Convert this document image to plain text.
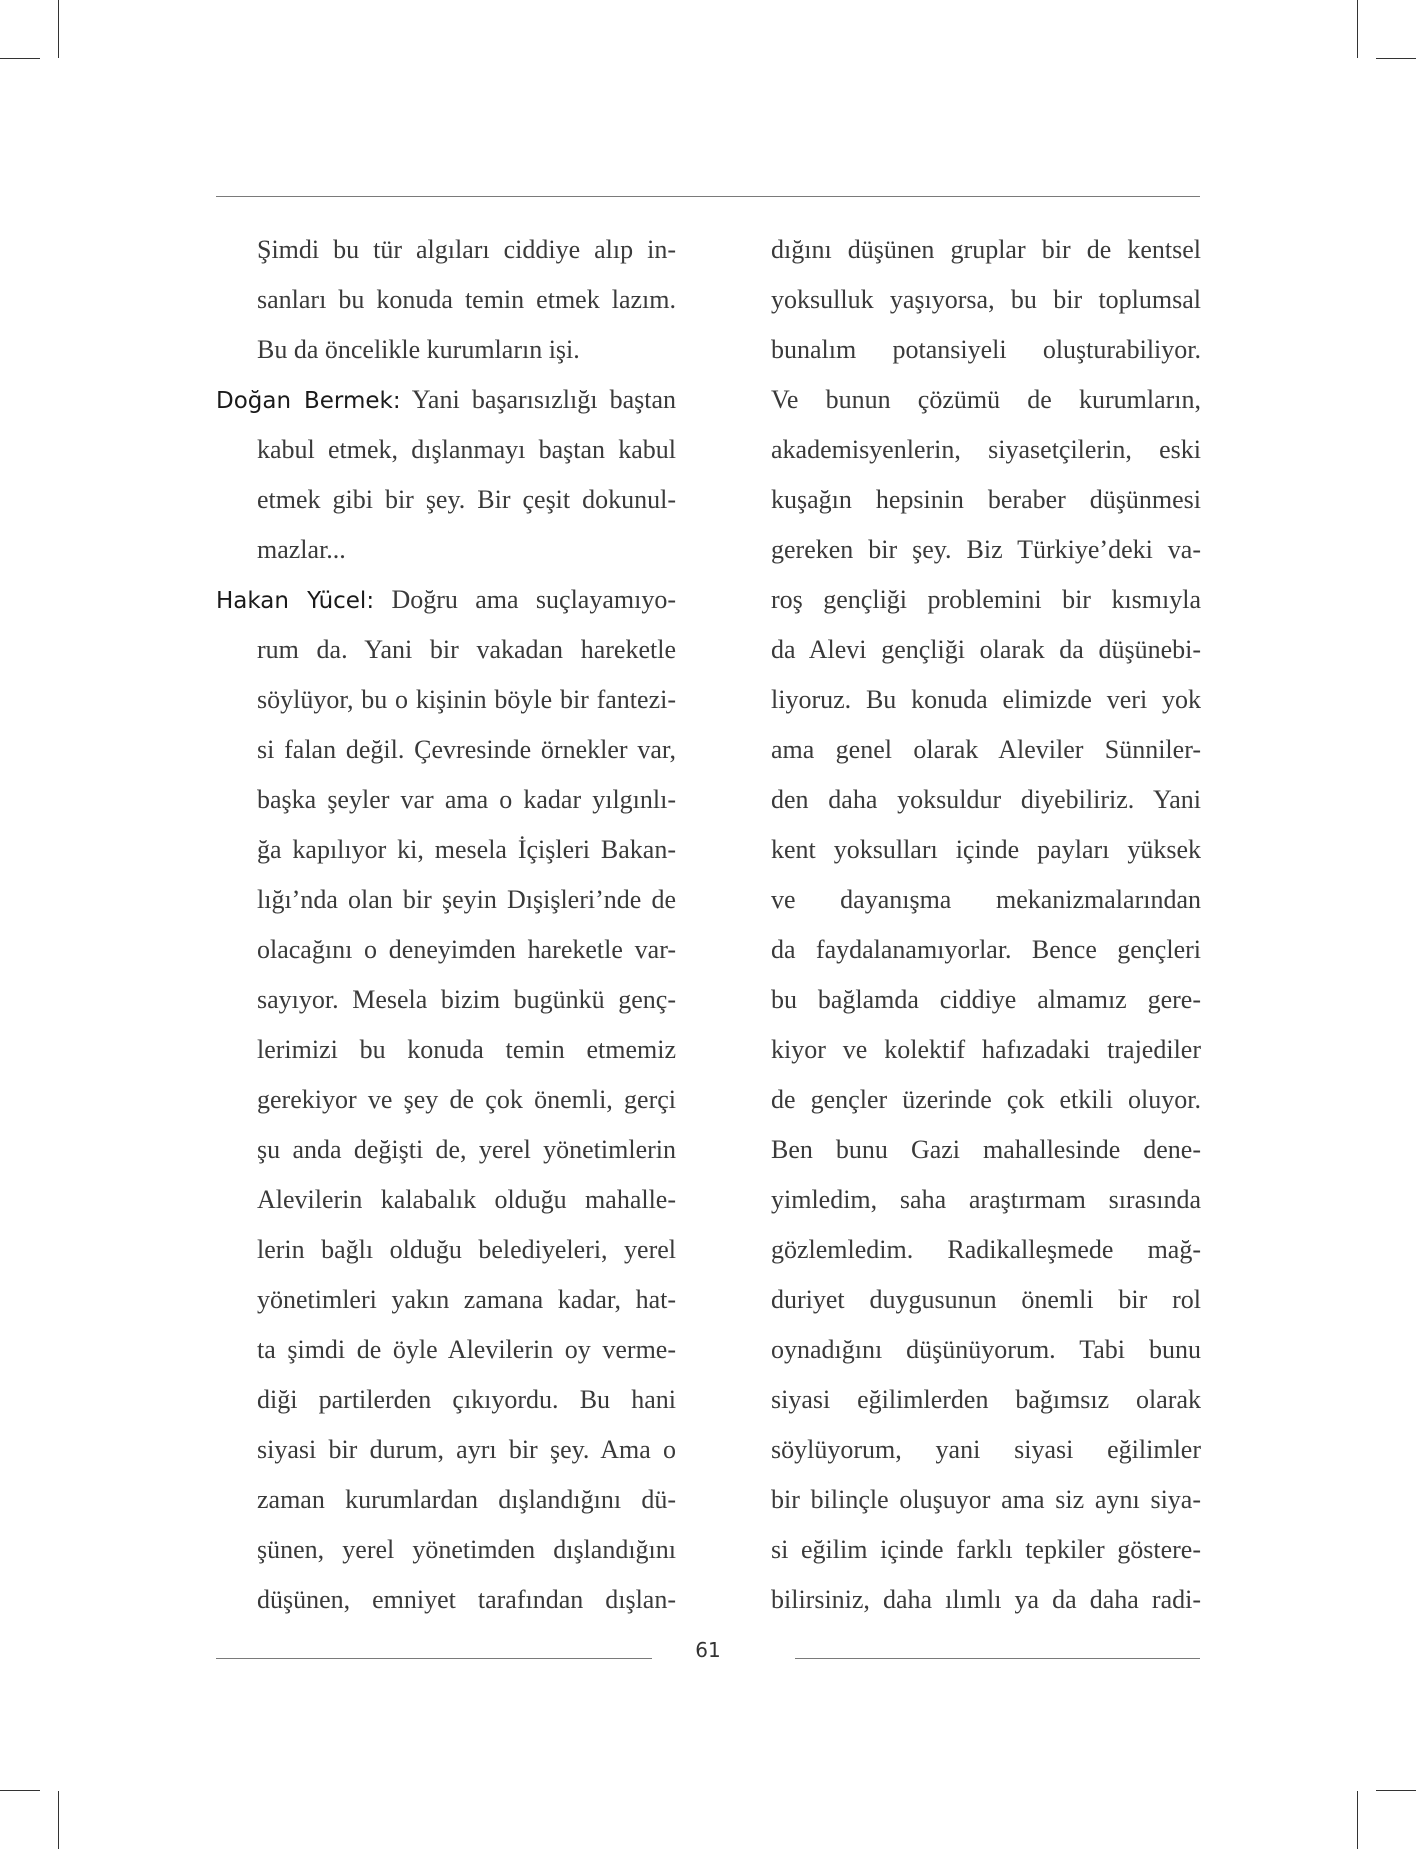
Şimdi bu tür algıları ciddiye alıp in-
sanları bu konuda temin etmek lazım.
Bu da öncelikle kurumların işi.
Doğan Bermek: Yani başarısızlığı baştan
kabul etmek, dışlanmayı baştan kabul
etmek gibi bir şey. Bir çeşit dokunul-
mazlar...
Hakan Yücel: Doğru ama suçlayamıyo-
rum da. Yani bir vakadan hareketle
söylüyor, bu o kişinin böyle bir fantezi-
si falan değil. Çevresinde örnekler var,
başka şeyler var ama o kadar yılgınlı-
ğa kapılıyor ki, mesela İçişleri Bakan-
lığı’nda olan bir şeyin Dışişleri’nde de
olacağını o deneyimden hareketle var-
sayıyor. Mesela bizim bugünkü genç-
lerimizi bu konuda temin etmemiz
gerekiyor ve şey de çok önemli, gerçi
şu anda değişti de, yerel yönetimlerin
Alevilerin kalabalık olduğu mahalle-
lerin bağlı olduğu belediyeleri, yerel
yönetimleri yakın zamana kadar, hat-
ta şimdi de öyle Alevilerin oy verme-
diği partilerden çıkıyordu. Bu hani
siyasi bir durum, ayrı bir şey. Ama o
zaman kurumlardan dışlandığını dü-
şünen, yerel yönetimden dışlandığını
düşünen, emniyet tarafından dışlan-
dığını düşünen gruplar bir de kentsel
yoksulluk yaşıyorsa, bu bir toplumsal
bunalım potansiyeli oluşturabiliyor.
Ve bunun çözümü de kurumların,
akademisyenlerin, siyasetçilerin, eski
kuşağın hepsinin beraber düşünmesi
gereken bir şey. Biz Türkiye’deki va-
roş gençliği problemini bir kısmıyla
da Alevi gençliği olarak da düşünebi-
liyoruz. Bu konuda elimizde veri yok
ama genel olarak Aleviler Sünniler-
den daha yoksuldur diyebiliriz. Yani
kent yoksulları içinde payları yüksek
ve dayanışma mekanizmalarından
da faydalanamıyorlar. Bence gençleri
bu bağlamda ciddiye almamız gere-
kiyor ve kolektif hafızadaki trajediler
de gençler üzerinde çok etkili oluyor.
Ben bunu Gazi mahallesinde dene-
yimledim, saha araştırmam sırasında
gözlemledim. Radikalleşmede mağ-
duriyet duygusunun önemli bir rol
oynadığını düşünüyorum. Tabi bunu
siyasi eğilimlerden bağımsız olarak
söylüyorum, yani siyasi eğilimler
bir bilinçle oluşuyor ama siz aynı siya-
si eğilim içinde farklı tepkiler göstere-
bilirsiniz, daha ılımlı ya da daha radi-
61
